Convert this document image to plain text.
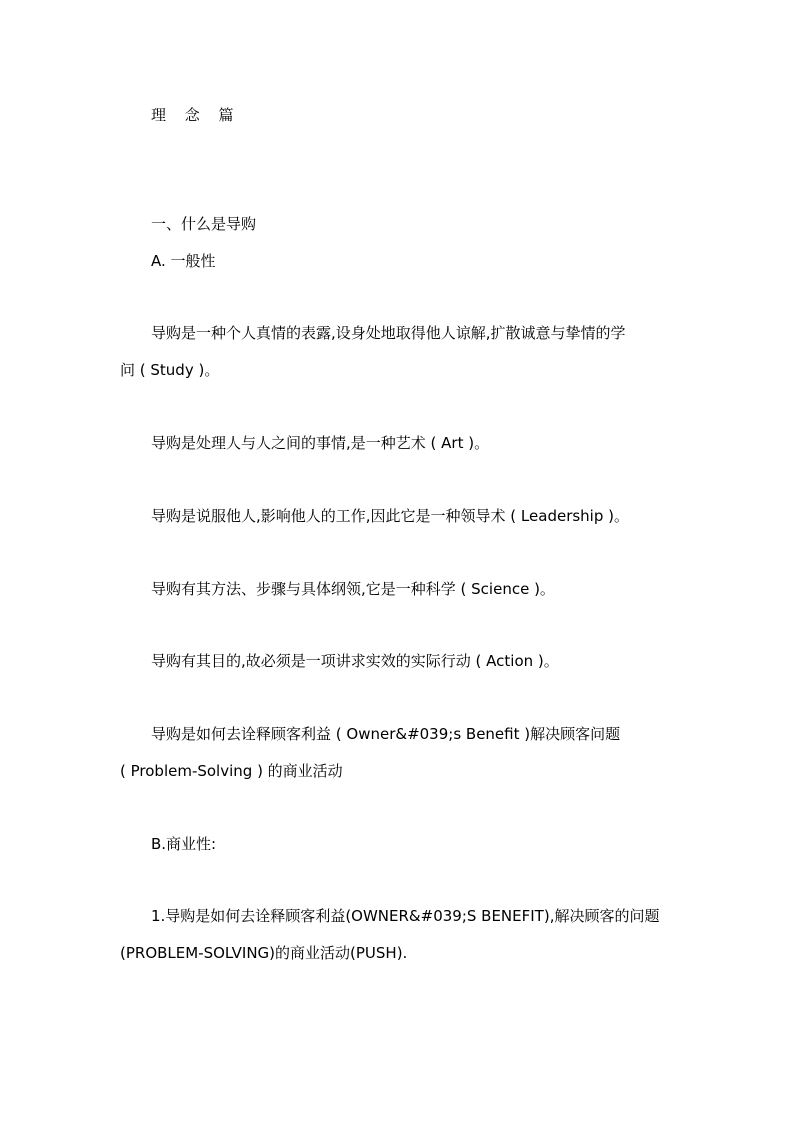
理 念 篇

一、什么是导购

A. 一般性

导购是一种个人真情的表露,设身处地取得他人谅解,扩散诚意与挚情的学

问 ( Study )。

导购是处理人与人之间的事情,是一种艺术 ( Art )。

导购是说服他人,影响他人的工作,因此它是一种领导术 ( Leadership )。

导购有其方法、步骤与具体纲领,它是一种科学 ( Science )。

导购有其目的,故必须是一项讲求实效的实际行动 ( Action )。

导购是如何去诠释顾客利益 ( Owner&#039;s Benefit )解决顾客问题

( Problem-Solving ) 的商业活动

B.商业性:

1.导购是如何去诠释顾客利益(OWNER&#039;S BENEFIT),解决顾客的问题

(PROBLEM-SOLVING)的商业活动(PUSH).
